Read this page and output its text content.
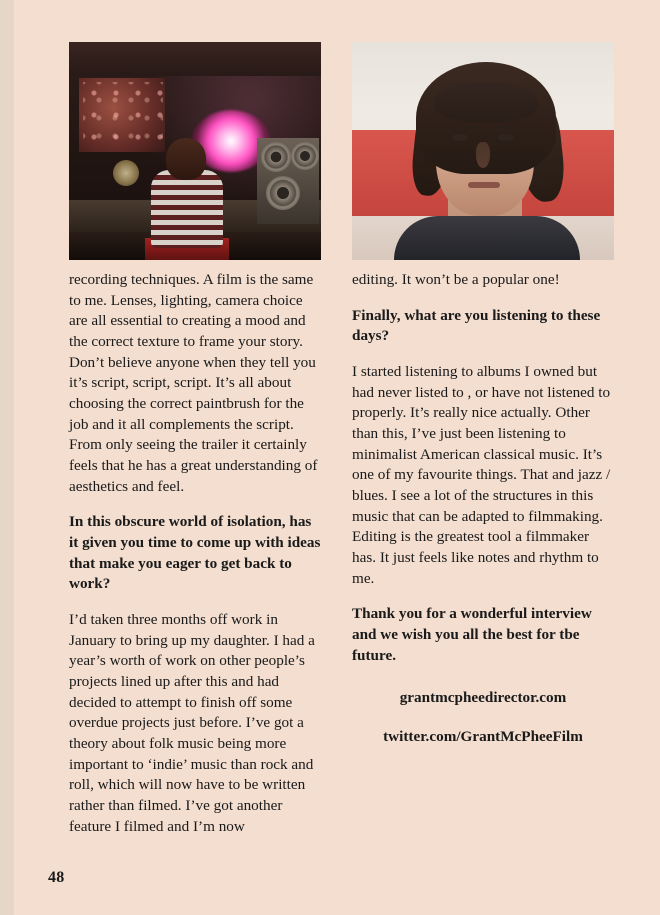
recording techniques. A film is the same to me. Lenses, lighting, camera choice are all essential to creating a mood and the correct texture to frame your story. Don’t believe anyone when they tell you it’s script, script, script. It’s all about choosing the correct paintbrush for the job and it all complements the script. From only seeing the trailer it certainly feels that he has a great understanding of aesthetics and feel.

In this obscure world of isolation, has it given you time to come up with ideas that make you eager to get back to work?

I’d taken three months off work in January to bring up my daughter. I had a year’s worth of work on other people’s projects lined up after this and had decided to attempt to finish off some overdue projects just before. I’ve got a theory about folk music being more important to ‘indie’ music than rock and roll, which will now have to be written rather than filmed. I’ve got another feature I filmed and I’m now

editing. It won’t be a popular one!

Finally, what are you listening to these days?

I started listening to albums I owned but had never listed to , or have not listened to properly. It’s really nice actually. Other than this, I’ve just been listening to minimalist American classical music. It’s one of my favourite things. That and jazz / blues. I see a lot of the structures in this music that can be adapted to filmmaking. Editing is the greatest tool a filmmaker has. It just feels like notes and rhythm to me.

Thank you for a wonderful interview and we wish you all the best for tbe future.

grantmcpheedirector.com

twitter.com/GrantMcPheeFilm

48
